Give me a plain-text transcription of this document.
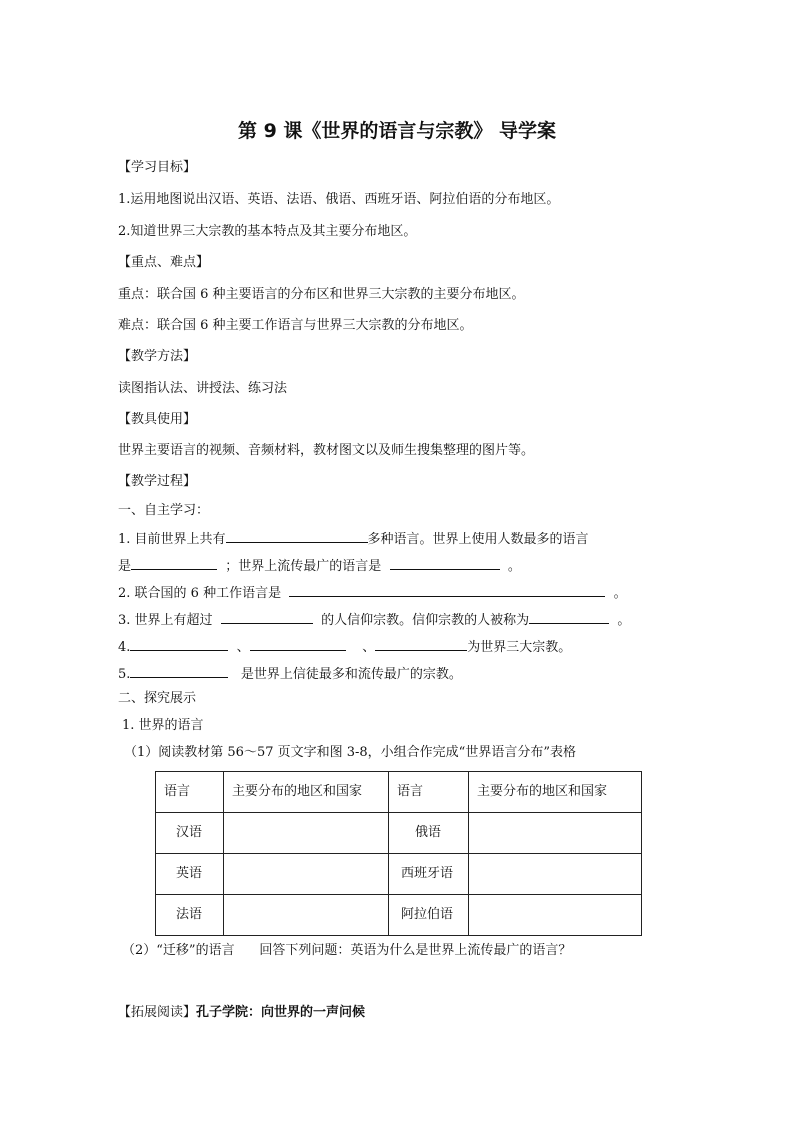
第 9 课《世界的语言与宗教》 导学案
【学习目标】
1.运用地图说出汉语、英语、法语、俄语、西班牙语、阿拉伯语的分布地区。
2.知道世界三大宗教的基本特点及其主要分布地区。
【重点、难点】
重点：联合国 6 种主要语言的分布区和世界三大宗教的主要分布地区。
难点：联合国 6 种主要工作语言与世界三大宗教的分布地区。
【教学方法】
读图指认法、讲授法、练习法
【教具使用】
世界主要语言的视频、音频材料，教材图文以及师生搜集整理的图片等。
【教学过程】
一、自主学习：
1. 目前世界上共有	多种语言。世界上使用人数最多的语言
是	；世界上流传最广的语言是	。
2. 联合国的 6 种工作语言是	。
3. 世界上有超过	的人信仰宗教。信仰宗教的人被称为	。
4.	、	、	为世界三大宗教。
5.	是世界上信徒最多和流传最广的宗教。
二、探究展示
1. 世界的语言
（1）阅读教材第 56～57 页文字和图 3-8，小组合作完成“世界语言分布”表格
语言	主要分布的地区和国家	语言	主要分布的地区和国家

汉语		俄语	

英语		西班牙语	

法语		阿拉伯语	

（2）“迁移”的语言      回答下列问题：英语为什么是世界上流传最广的语言？
【拓展阅读】孔子学院：向世界的一声问候
